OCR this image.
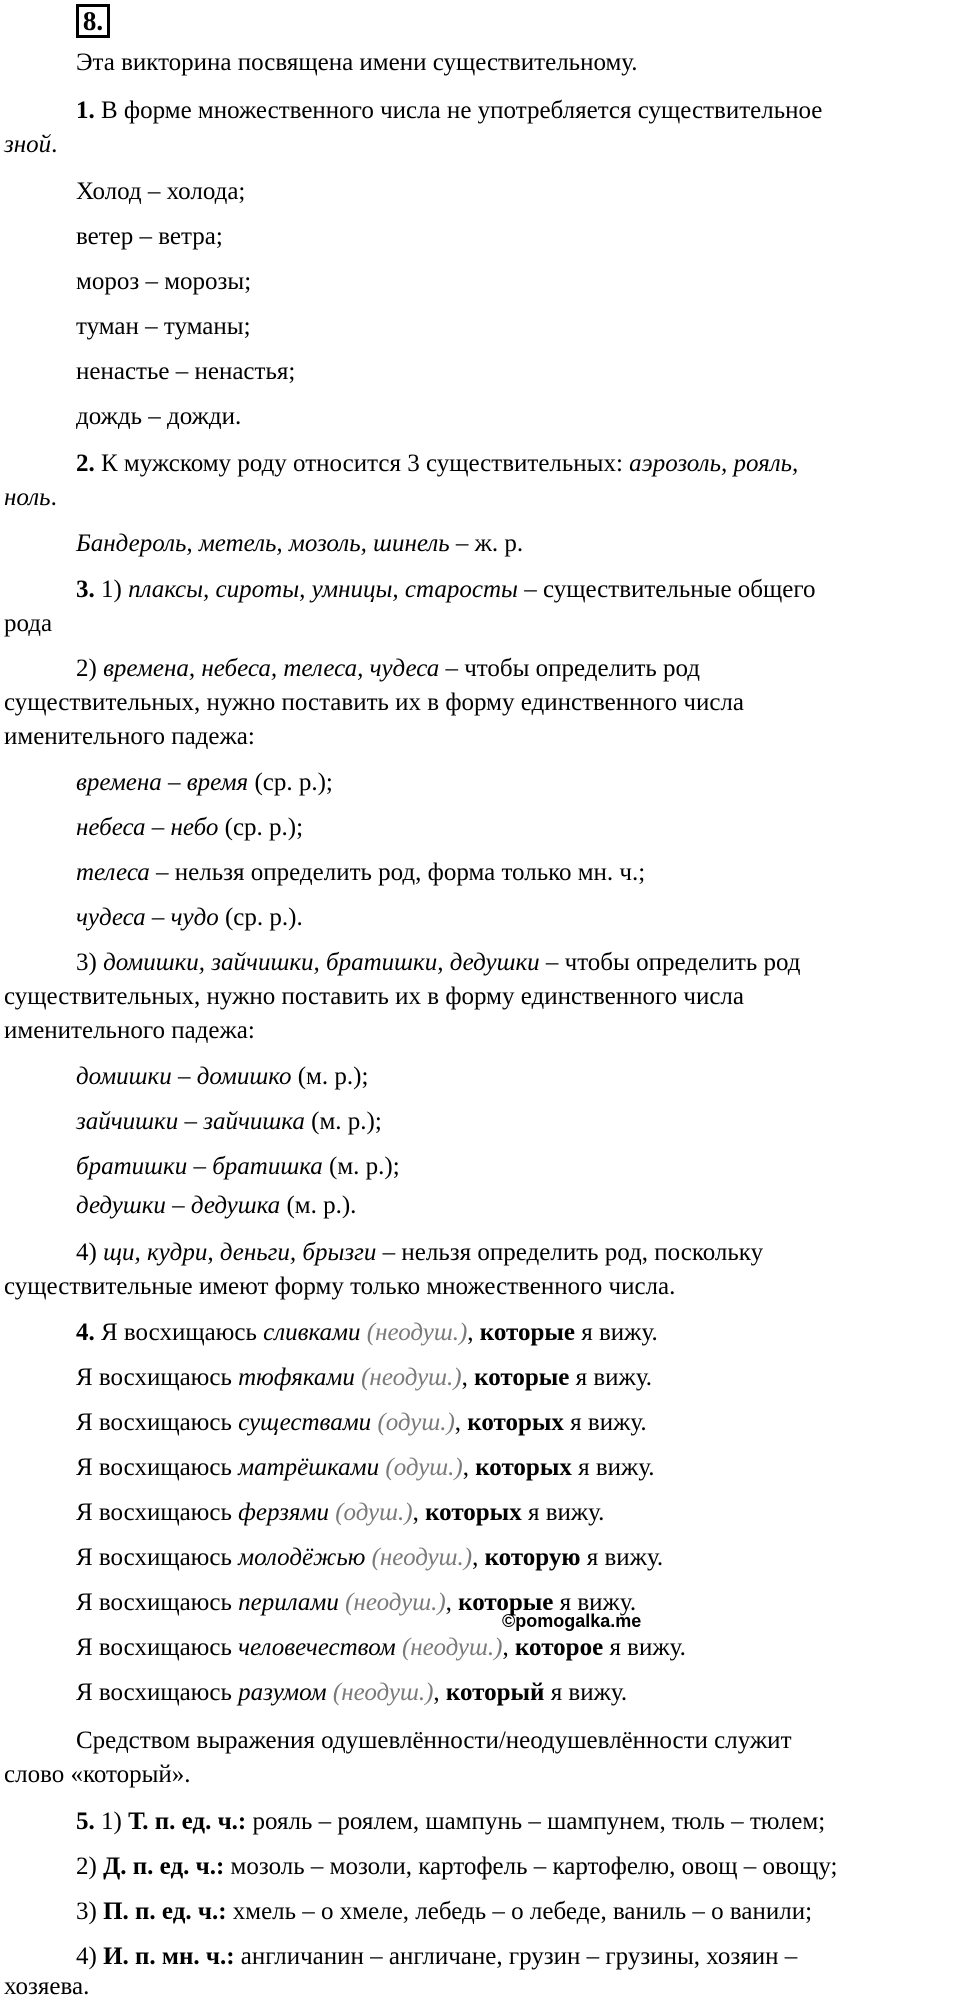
8.
Эта викторина посвящена имени существительному.
1. В форме множественного числа не употребляется существительное
зной.
Холод – холода;
ветер – ветра;
мороз – морозы;
туман – туманы;
ненастье – ненастья;
дождь – дожди.
2. К мужскому роду относится 3 существительных: аэрозоль, рояль,
ноль.
Бандероль, метель, мозоль, шинель – ж. р.
3. 1) плаксы, сироты, умницы, старосты – существительные общего
рода
2) времена, небеса, телеса, чудеса – чтобы определить род
существительных, нужно поставить их в форму единственного числа
именительного падежа:
времена – время (ср. р.);
небеса – небо (ср. р.);
телеса – нельзя определить род, форма только мн. ч.;
чудеса – чудо (ср. р.).
3) домишки, зайчишки, братишки, дедушки – чтобы определить род
существительных, нужно поставить их в форму единственного числа
именительного падежа:
домишки – домишко (м. р.);
зайчишки – зайчишка (м. р.);
братишки – братишка (м. р.);
дедушки – дедушка (м. р.).
4) щи, кудри, деньги, брызги – нельзя определить род, поскольку
существительные имеют форму только множественного числа.
4. Я восхищаюсь сливками (неодуш.), которые я вижу.
Я восхищаюсь тюфяками (неодуш.), которые я вижу.
Я восхищаюсь существами (одуш.), которых я вижу.
Я восхищаюсь матрёшками (одуш.), которых я вижу.
Я восхищаюсь ферзями (одуш.), которых я вижу.
Я восхищаюсь молодёжью (неодуш.), которую я вижу.
Я восхищаюсь перилами (неодуш.), которые я вижу.
©pomogalka.me
Я восхищаюсь человечеством (неодуш.), которое я вижу.
Я восхищаюсь разумом (неодуш.), который я вижу.
Средством выражения одушевлённости/неодушевлённости служит
слово «который».
5. 1) Т. п. ед. ч.: рояль – роялем, шампунь – шампунем, тюль – тюлем;
2) Д. п. ед. ч.: мозоль – мозоли, картофель – картофелю, овощ – овощу;
3) П. п. ед. ч.: хмель – о хмеле, лебедь – о лебеде, ваниль – о ванили;
4) И. п. мн. ч.: англичанин – англичане, грузин – грузины, хозяин –
хозяева.
